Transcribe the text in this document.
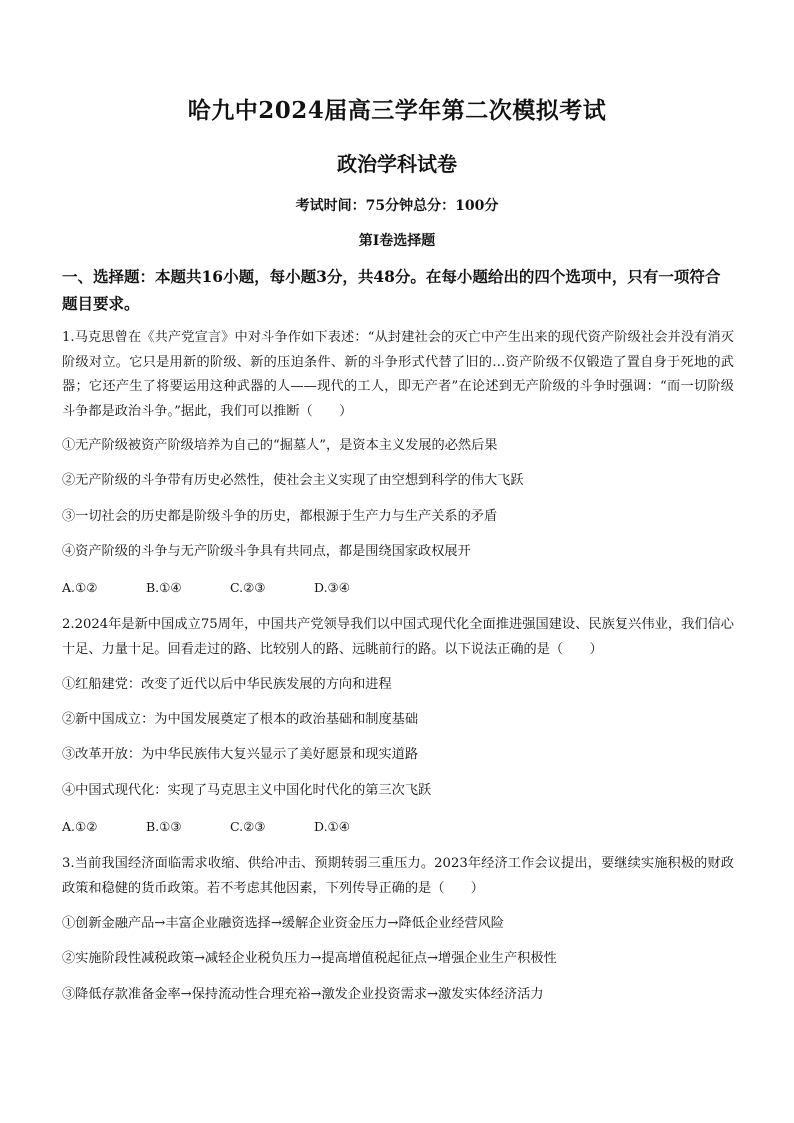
哈九中2024届高三学年第二次模拟考试
政治学科试卷
考试时间：75分钟总分：100分
第I卷选择题
一、选择题：本题共16小题，每小题3分，共48分。在每小题给出的四个选项中，只有一项符合题目要求。
1.马克思曾在《共产党宣言》中对斗争作如下表述：“从封建社会的灭亡中产生出来的现代资产阶级社会并没有消灭阶级对立。它只是用新的阶级、新的压迫条件、新的斗争形式代替了旧的…资产阶级不仅锻造了置自身于死地的武器；它还产生了将要运用这种武器的人——现代的工人，即无产者”在论述到无产阶级的斗争时强调：“而一切阶级斗争都是政治斗争。”据此，我们可以推断（　　）
①无产阶级被资产阶级培养为自己的“掘墓人”，是资本主义发展的必然后果
②无产阶级的斗争带有历史必然性，使社会主义实现了由空想到科学的伟大飞跃
③一切社会的历史都是阶级斗争的历史，都根源于生产力与生产关系的矛盾
④资产阶级的斗争与无产阶级斗争具有共同点，都是围绕国家政权展开
A.①②	B.①④	C.②③	D.③④
2.2024年是新中国成立75周年，中国共产党领导我们以中国式现代化全面推进强国建设、民族复兴伟业，我们信心十足、力量十足。回看走过的路、比较别人的路、远眺前行的路。以下说法正确的是（　　）
①红船建党：改变了近代以后中华民族发展的方向和进程
②新中国成立：为中国发展奠定了根本的政治基础和制度基础
③改革开放：为中华民族伟大复兴显示了美好愿景和现实道路
④中国式现代化：实现了马克思主义中国化时代化的第三次飞跃
A.①②	B.①③	C.②③	D.①④
3.当前我国经济面临需求收缩、供给冲击、预期转弱三重压力。2023年经济工作会议提出，要继续实施积极的财政政策和稳健的货币政策。若不考虑其他因素，下列传导正确的是（　　）
①创新金融产品→丰富企业融资选择→缓解企业资金压力→降低企业经营风险
②实施阶段性减税政策→减轻企业税负压力→提高增值税起征点→增强企业生产积极性
③降低存款准备金率→保持流动性合理充裕→激发企业投资需求→激发实体经济活力
